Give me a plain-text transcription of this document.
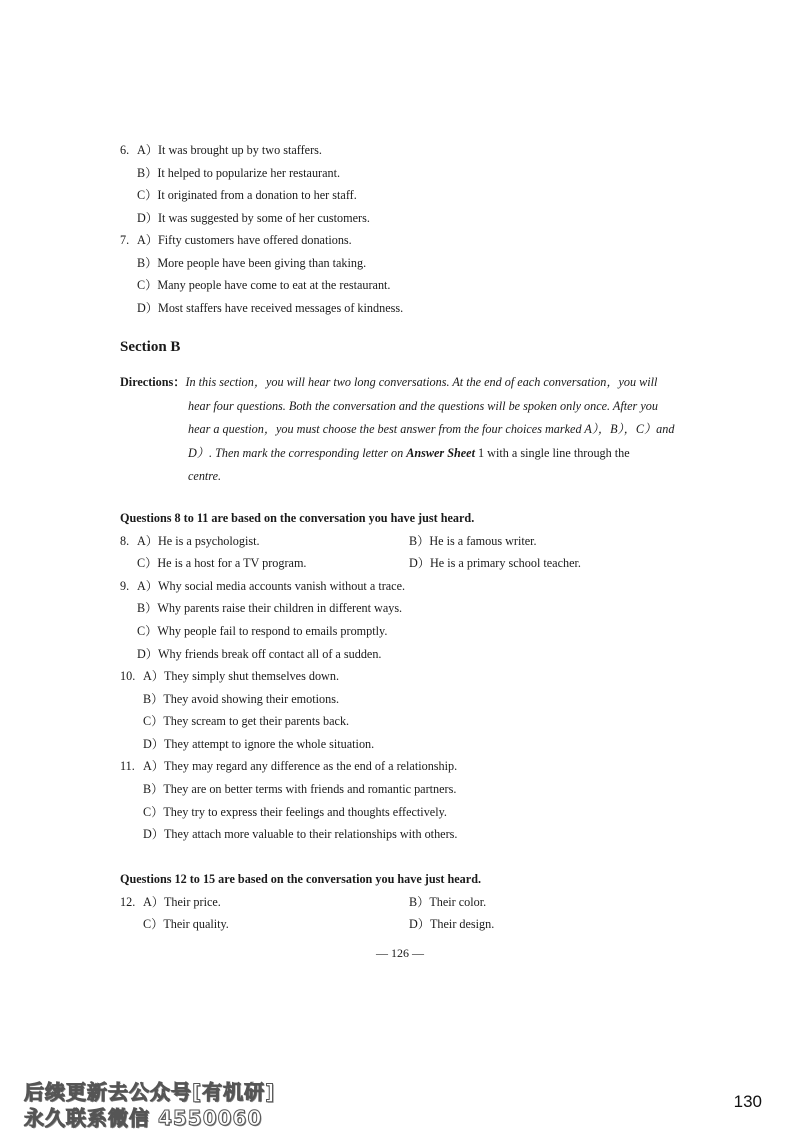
6. A）It was brought up by two staffers.
B）It helped to popularize her restaurant.
C）It originated from a donation to her staff.
D）It was suggested by some of her customers.
7. A）Fifty customers have offered donations.
B）More people have been giving than taking.
C）Many people have come to eat at the restaurant.
D）Most staffers have received messages of kindness.
Section B
Directions：In this section，you will hear two long conversations. At the end of each conversation，you will
hear four questions. Both the conversation and the questions will be spoken only once. After you
hear a question，you must choose the best answer from the four choices marked A），B），C）and
D）. Then mark the corresponding letter on Answer Sheet 1 with a single line through the
centre.
Questions 8 to 11 are based on the conversation you have just heard.
8. A）He is a psychologist.	B）He is a famous writer.
C）He is a host for a TV program.	D）He is a primary school teacher.
9. A）Why social media accounts vanish without a trace.
B）Why parents raise their children in different ways.
C）Why people fail to respond to emails promptly.
D）Why friends break off contact all of a sudden.
10. A）They simply shut themselves down.
B）They avoid showing their emotions.
C）They scream to get their parents back.
D）They attempt to ignore the whole situation.
11. A）They may regard any difference as the end of a relationship.
B）They are on better terms with friends and romantic partners.
C）They try to express their feelings and thoughts effectively.
D）They attach more valuable to their relationships with others.
Questions 12 to 15 are based on the conversation you have just heard.
12. A）Their price.	B）Their color.
C）Their quality.	D）Their design.
— 126 —
后续更新去公众号[有机研]
永久联系微信 4550060
130
